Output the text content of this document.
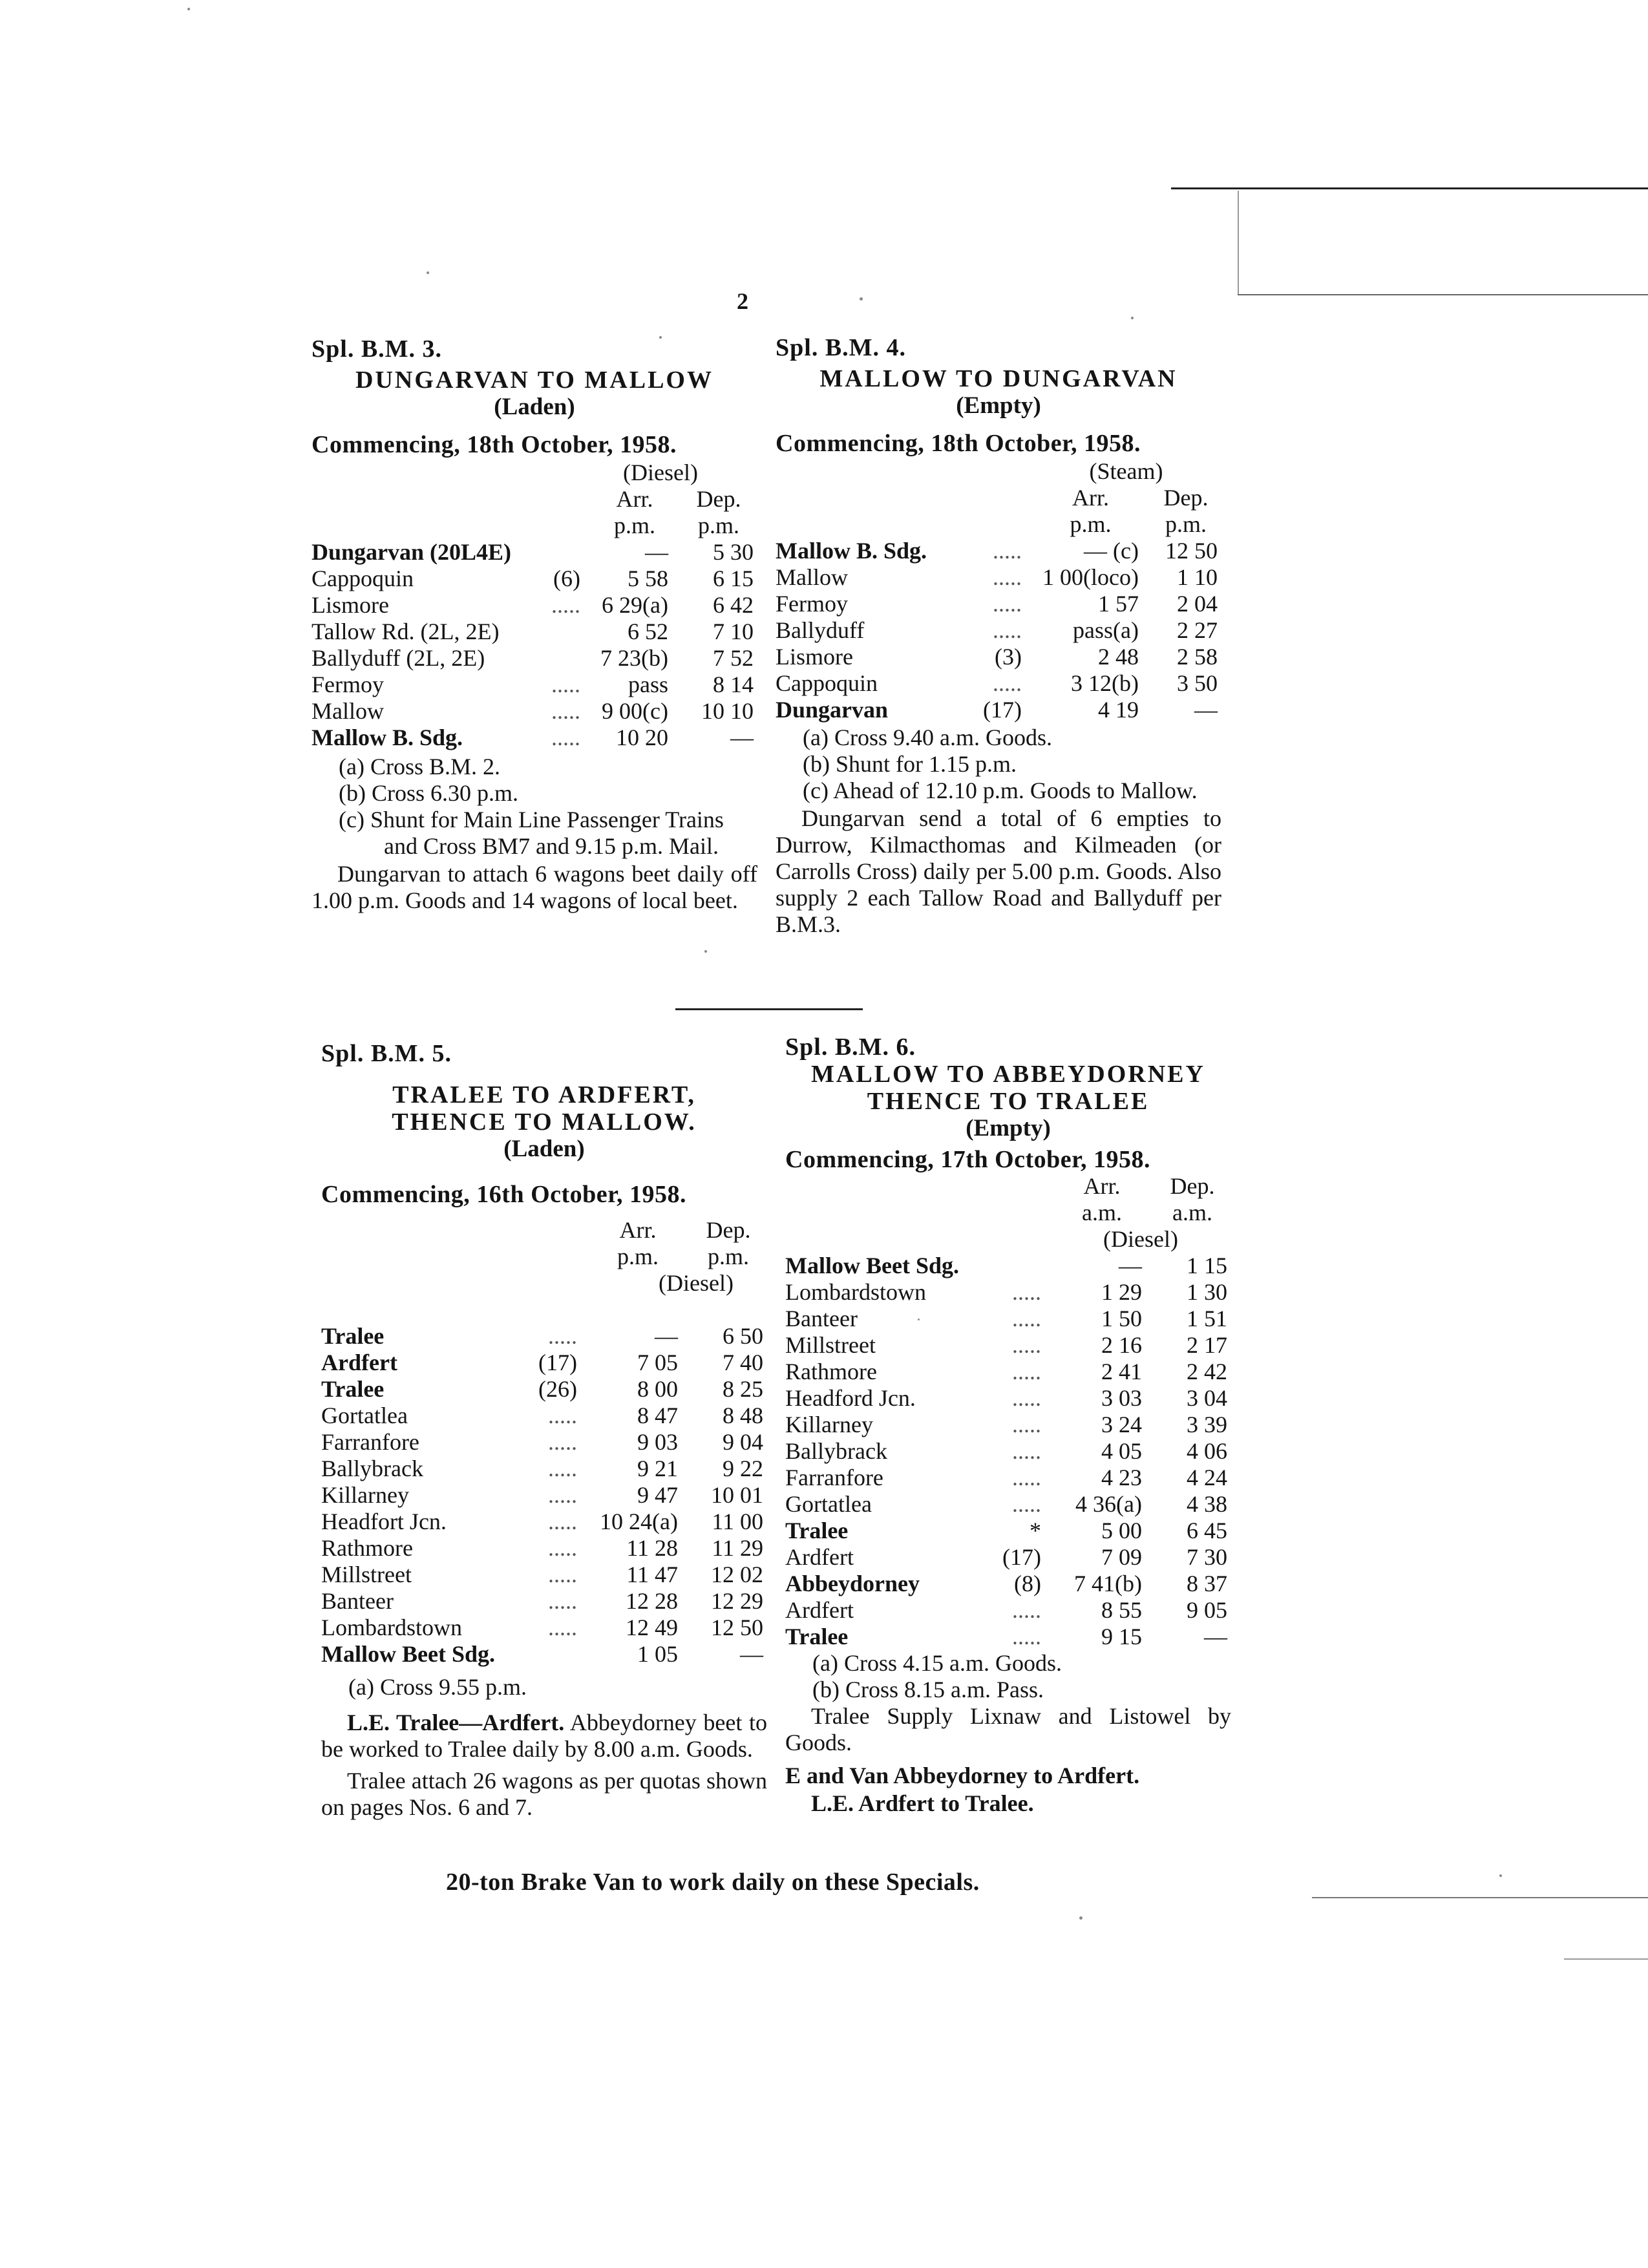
2
Spl. B.M. 3.
DUNGARVAN TO MALLOW
(Laden)
Commencing, 18th October, 1958.
		(Diesel)	
		Arr.	Dep.
		p.m.	p.m.
Dungarvan (20L4E)		—	5 30
Cappoquin	(6)	5 58	6 15
Lismore	.....	6 29(a)	6 42
Tallow Rd. (2L, 2E)		6 52	7 10
Ballyduff (2L, 2E)		7 23(b)	7 52
Fermoy	.....	pass	8 14
Mallow	.....	9 00(c)	10 10
Mallow B. Sdg.	.....	10 20	—
(a) Cross B.M. 2.
(b) Cross 6.30 p.m.
(c) Shunt for Main Line Passenger Trains and Cross BM7 and 9.15 p.m. Mail.
Dungarvan to attach 6 wagons beet daily off 1.00 p.m. Goods and 14 wagons of local beet.
Spl. B.M. 4.
MALLOW TO DUNGARVAN
(Empty)
Commencing, 18th October, 1958.
		(Steam)	
		Arr.	Dep.
		p.m.	p.m.
Mallow B. Sdg.	.....	— (c)	12 50
Mallow	.....	1 00(loco)	1 10
Fermoy	.....	1 57	2 04
Ballyduff	.....	pass(a)	2 27
Lismore	(3)	2 48	2 58
Cappoquin	.....	3 12(b)	3 50
Dungarvan	(17)	4 19	—
(a) Cross 9.40 a.m. Goods.
(b) Shunt for 1.15 p.m.
(c) Ahead of 12.10 p.m. Goods to Mallow.
Dungarvan send a total of 6 empties to Durrow, Kilmacthomas and Kilmeaden (or Carrolls Cross) daily per 5.00 p.m. Goods. Also supply 2 each Tallow Road and Ballyduff per B.M.3.
Spl. B.M. 5.
TRALEE TO ARDFERT,
THENCE TO MALLOW.
(Laden)
Commencing, 16th October, 1958.
		Arr.	Dep.
		p.m.	p.m.
		(Diesel)	

Tralee	.....	—	6 50
Ardfert	(17)	7 05	7 40
Tralee	(26)	8 00	8 25
Gortatlea	.....	8 47	8 48
Farranfore	.....	9 03	9 04
Ballybrack	.....	9 21	9 22
Killarney	.....	9 47	10 01
Headfort Jcn.	.....	10 24(a)	11 00
Rathmore	.....	11 28	11 29
Millstreet	.....	11 47	12 02
Banteer	.....	12 28	12 29
Lombardstown	.....	12 49	12 50
Mallow Beet Sdg.		1 05	—
(a) Cross 9.55 p.m.
L.E. Tralee—Ardfert. Abbeydorney beet to be worked to Tralee daily by 8.00 a.m. Goods.
Tralee attach 26 wagons as per quotas shown on pages Nos. 6 and 7.
Spl. B.M. 6.
MALLOW TO ABBEYDORNEY
THENCE TO TRALEE
(Empty)
Commencing, 17th October, 1958.
		Arr.	Dep.
		a.m.	a.m.
		(Diesel)	
Mallow Beet Sdg.		—	1 15
Lombardstown	.....	1 29	1 30
Banteer	.....	1 50	1 51
Millstreet	.....	2 16	2 17
Rathmore	.....	2 41	2 42
Headford Jcn.	.....	3 03	3 04
Killarney	.....	3 24	3 39
Ballybrack	.....	4 05	4 06
Farranfore	.....	4 23	4 24
Gortatlea	.....	4 36(a)	4 38
Tralee	*	5 00	6 45
Ardfert	(17)	7 09	7 30
Abbeydorney	(8)	7 41(b)	8 37
Ardfert	.....	8 55	9 05
Tralee	.....	9 15	—
(a) Cross 4.15 a.m. Goods.
(b) Cross 8.15 a.m. Pass.
Tralee Supply Lixnaw and Listowel by Goods.
E and Van Abbeydorney to Ardfert.
L.E. Ardfert to Tralee.
20-ton Brake Van to work daily on these Specials.
